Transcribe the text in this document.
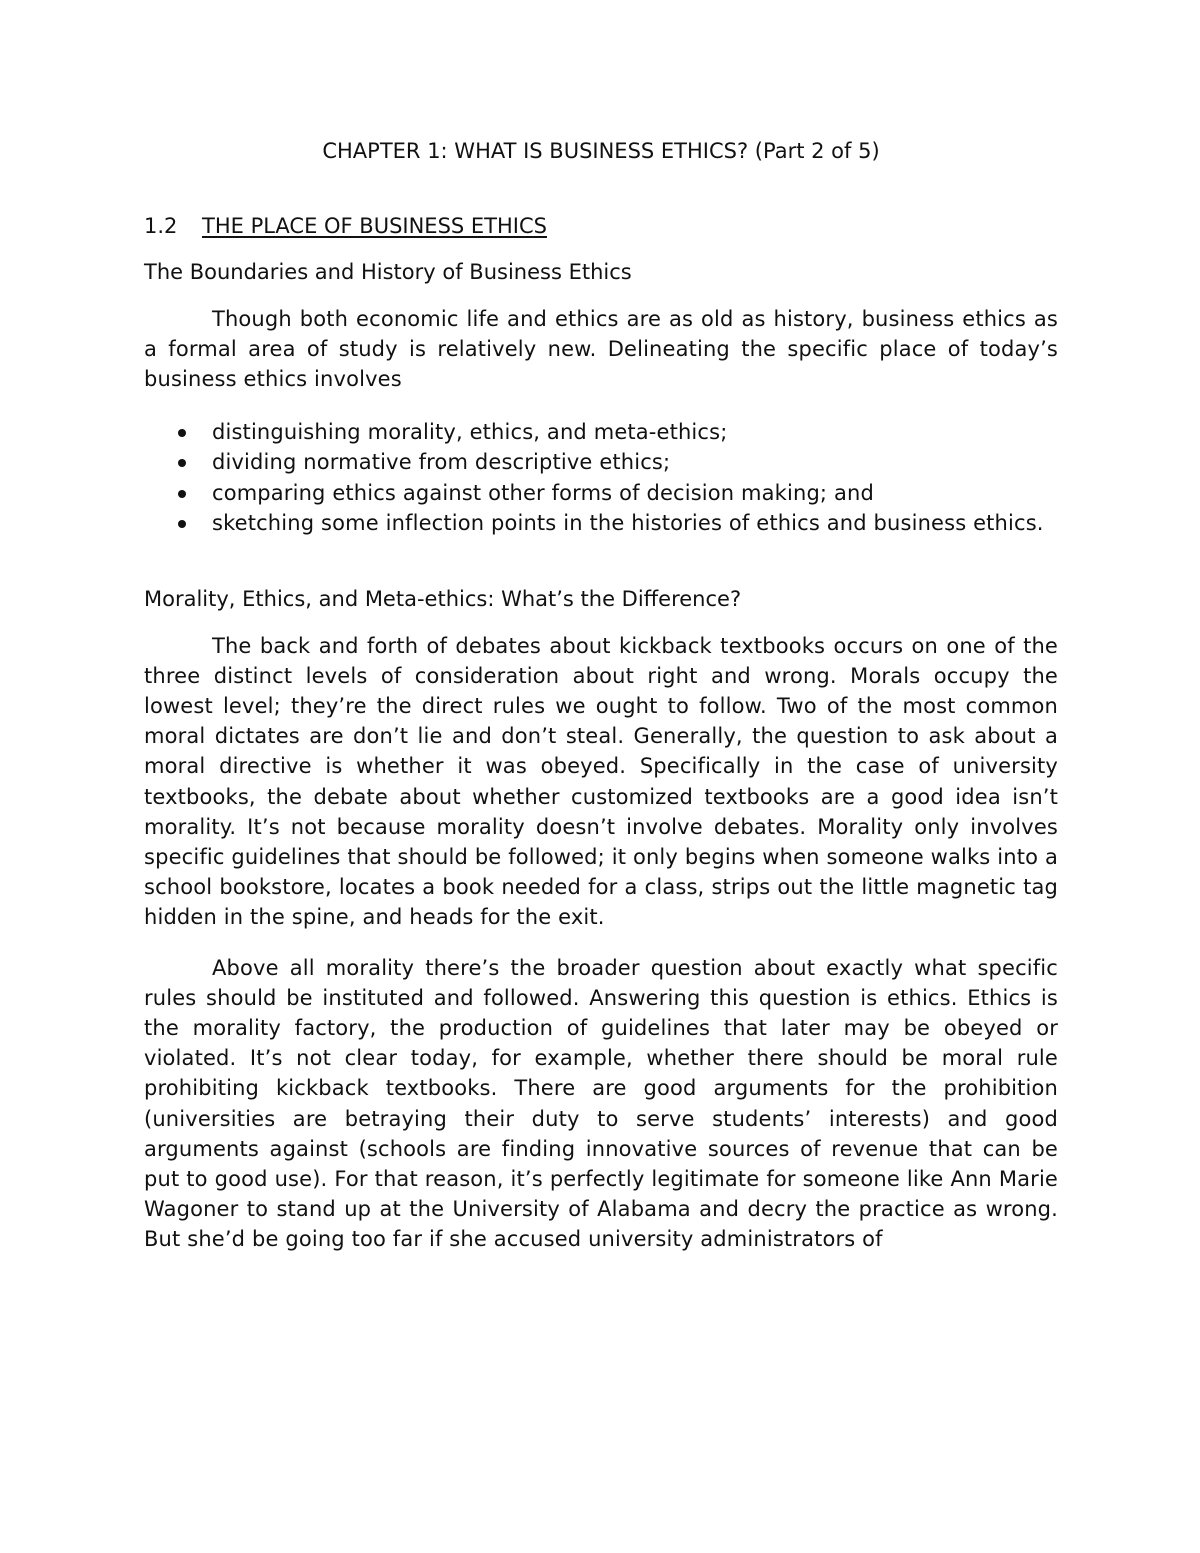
CHAPTER 1: WHAT IS BUSINESS ETHICS? (Part 2 of 5)
1.2 THE PLACE OF BUSINESS ETHICS
The Boundaries and History of Business Ethics

Though both economic life and ethics are as old as history, business ethics as a formal area of study is relatively new. Delineating the specific place of today’s business ethics involves

distinguishing morality, ethics, and meta-ethics;
dividing normative from descriptive ethics;
comparing ethics against other forms of decision making; and
sketching some inflection points in the histories of ethics and business ethics.
Morality, Ethics, and Meta-ethics: What’s the Difference?

The back and forth of debates about kickback textbooks occurs on one of the three distinct levels of consideration about right and wrong. Morals occupy the lowest level; they’re the direct rules we ought to follow. Two of the most common moral dictates are don’t lie and don’t steal. Generally, the question to ask about a moral directive is whether it was obeyed. Specifically in the case of university textbooks, the debate about whether customized textbooks are a good idea isn’t morality. It’s not because morality doesn’t involve debates. Morality only involves specific guidelines that should be followed; it only begins when someone walks into a school bookstore, locates a book needed for a class, strips out the little magnetic tag hidden in the spine, and heads for the exit.

Above all morality there’s the broader question about exactly what specific rules should be instituted and followed. Answering this question is ethics. Ethics is the morality factory, the production of guidelines that later may be obeyed or violated. It’s not clear today, for example, whether there should be moral rule prohibiting kickback textbooks. There are good arguments for the prohibition (universities are betraying their duty to serve students’ interests) and good arguments against (schools are finding innovative sources of revenue that can be put to good use). For that reason, it’s perfectly legitimate for someone like Ann Marie Wagoner to stand up at the University of Alabama and decry the practice as wrong. But she’d be going too far if she accused university administrators of
